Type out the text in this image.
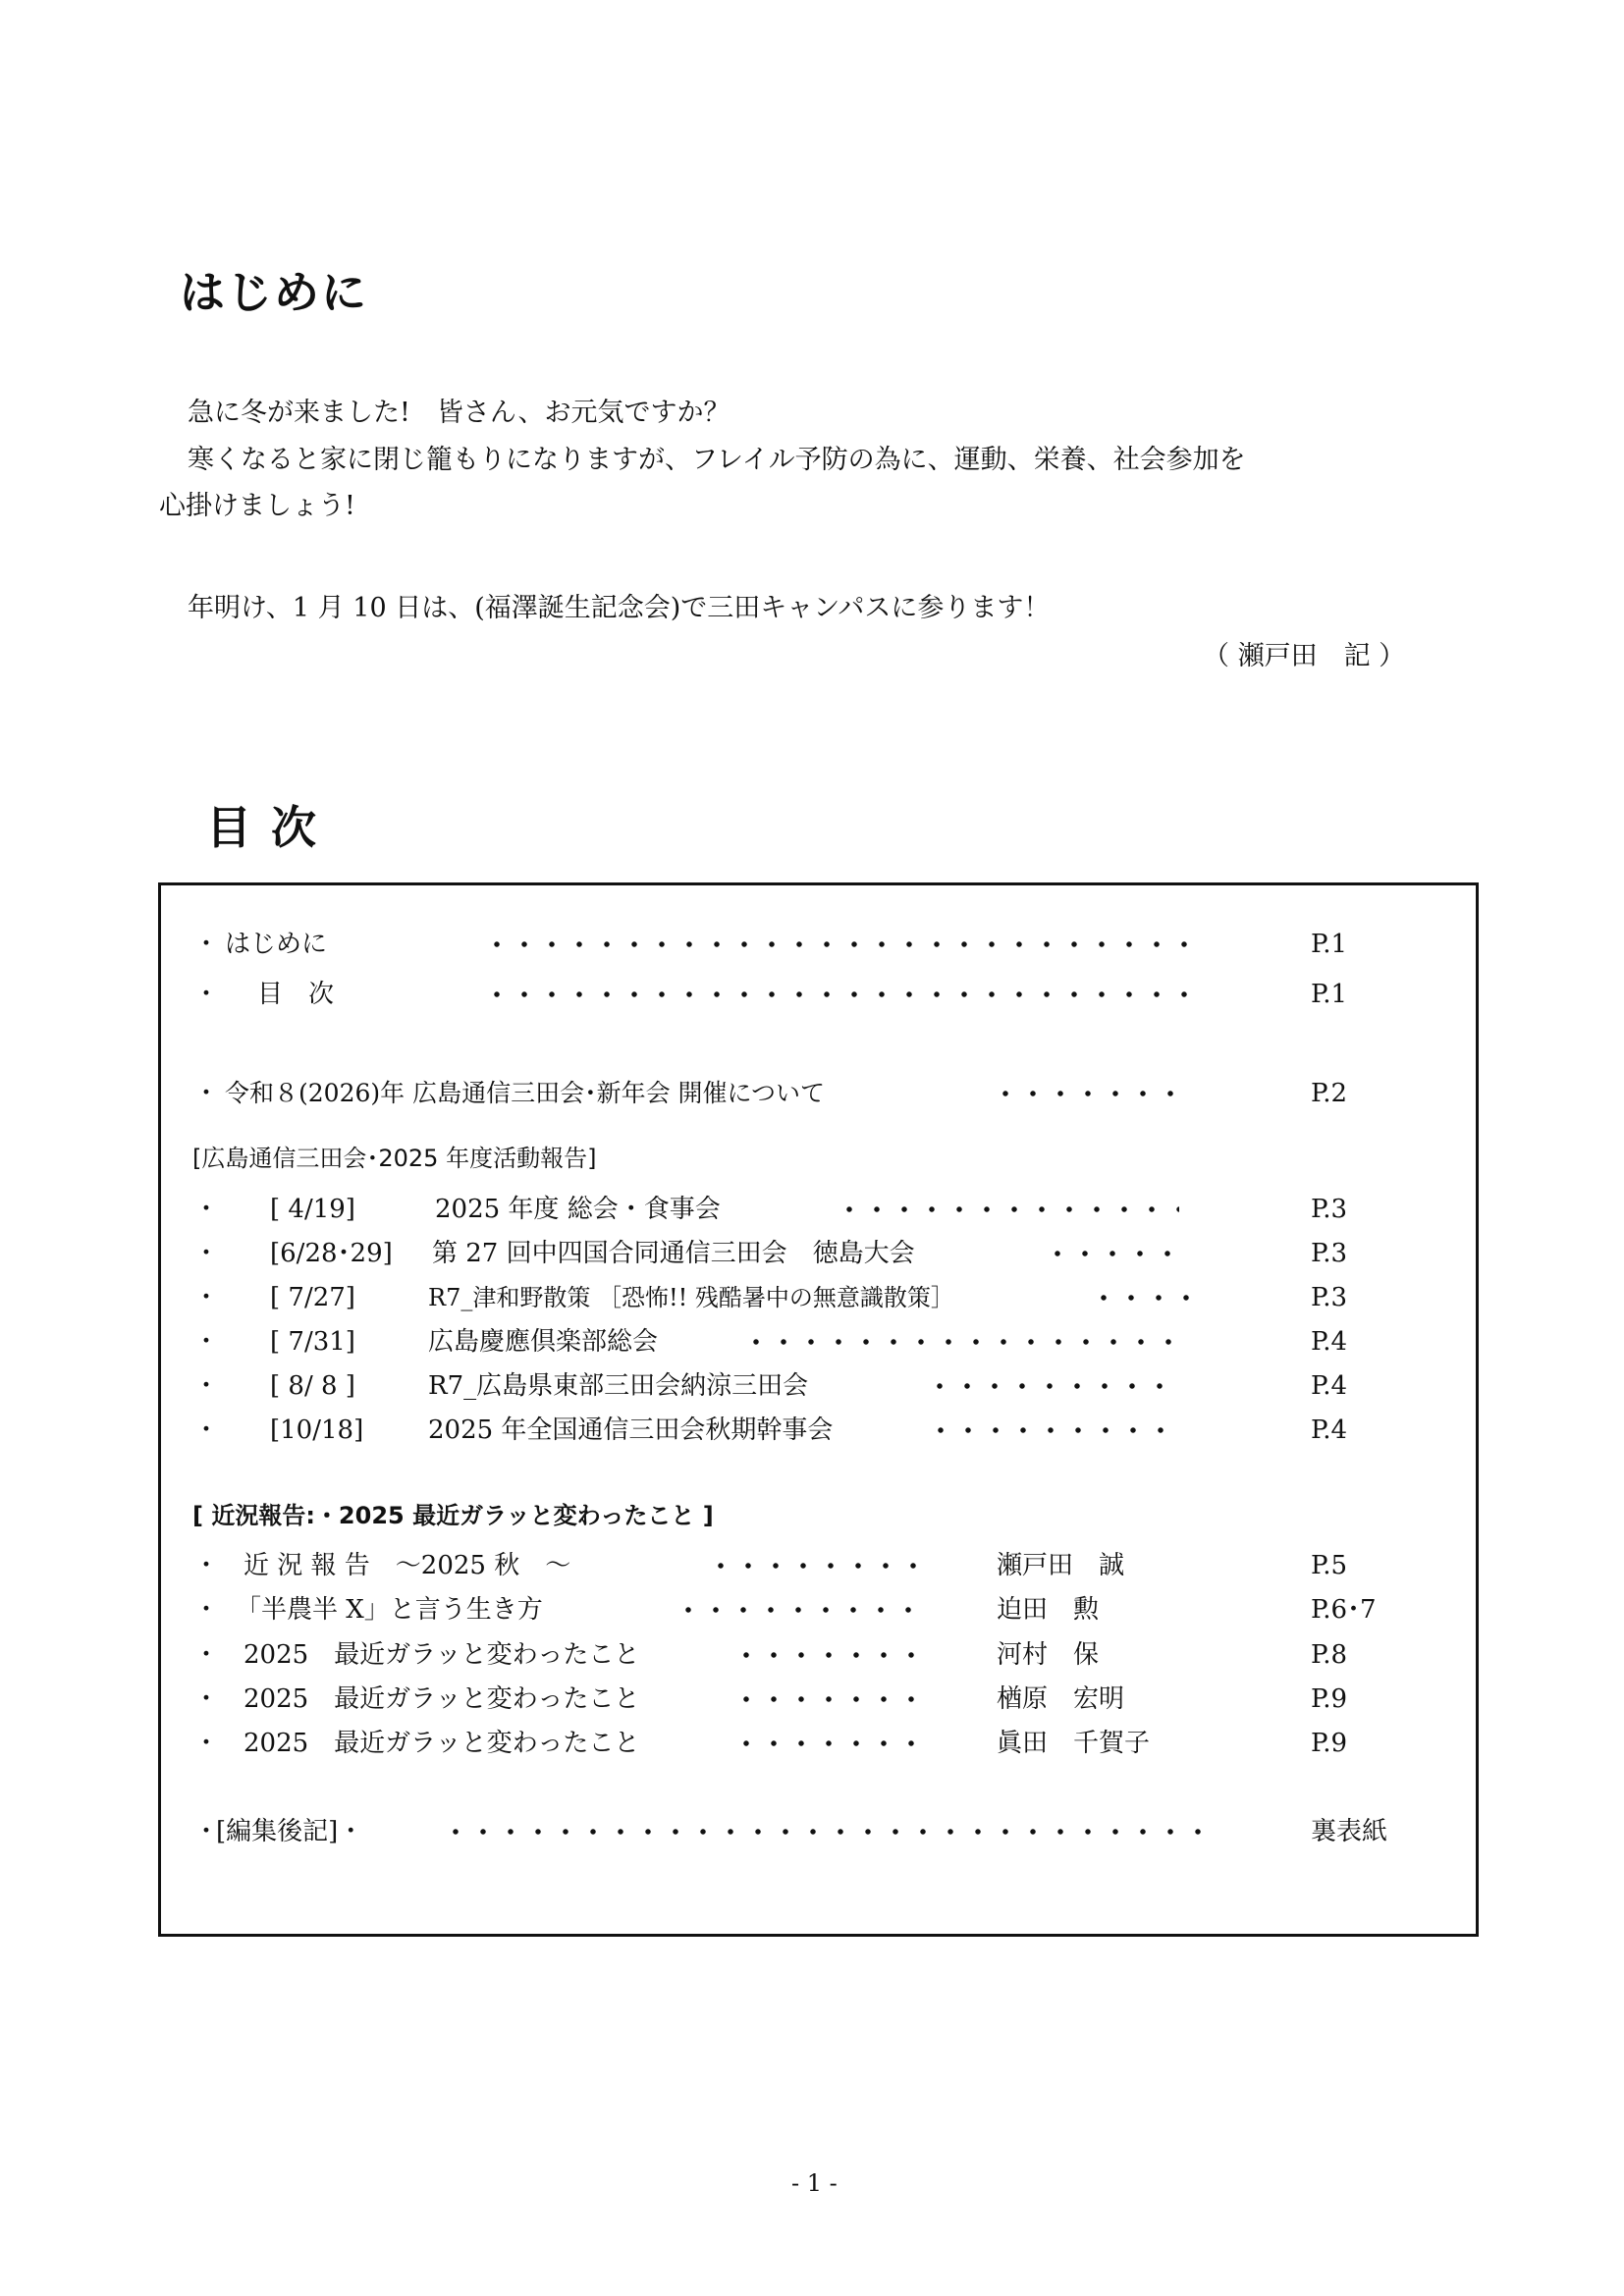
はじめに
急に冬が来ました!　皆さん、お元気ですか？
寒くなると家に閉じ籠もりになりますが、フレイル予防の為に、運動、栄養、社会参加を
心掛けましょう!
年明け、1 月 10 日は、(福澤誕生記念会)で三田キャンパスに参ります！
（ 瀬戸田　記 ）
目 次
・ はじめに	P.1
・ 目　次	P.1
・ 令和８(2026)年 広島通信三田会･新年会 開催について	P.2
[広島通信三田会･2025 年度活動報告]
・ [ 4/19]	2025 年度 総会・食事会	P.3
・ [6/28･29] 第 27 回中四国合同通信三田会　徳島大会	P.3
・ [ 7/27]	R7_津和野散策 ［恐怖!! 残酷暑中の無意識散策］	P.3
・ [ 7/31]	広島慶應倶楽部総会	P.4
・ [ 8/ 8 ]	R7_広島県東部三田会納涼三田会	P.4
・ [10/18]	2025 年全国通信三田会秋期幹事会	P.4
[ 近況報告:・2025 最近ガラッと変わったこと ]
・ 近 況 報 告　～2025 秋　～	瀬戸田　誠	P.5
・ 「半農半 X」と言う生き方	迫田　勲	P.6･7
・ 2025　最近ガラッと変わったこと	河村　保	P.8
・ 2025　最近ガラッと変わったこと	楢原　宏明	P.9
・ 2025　最近ガラッと変わったこと	眞田　千賀子	P.9
・
[編集後記]・	裏表紙
- 1 -
